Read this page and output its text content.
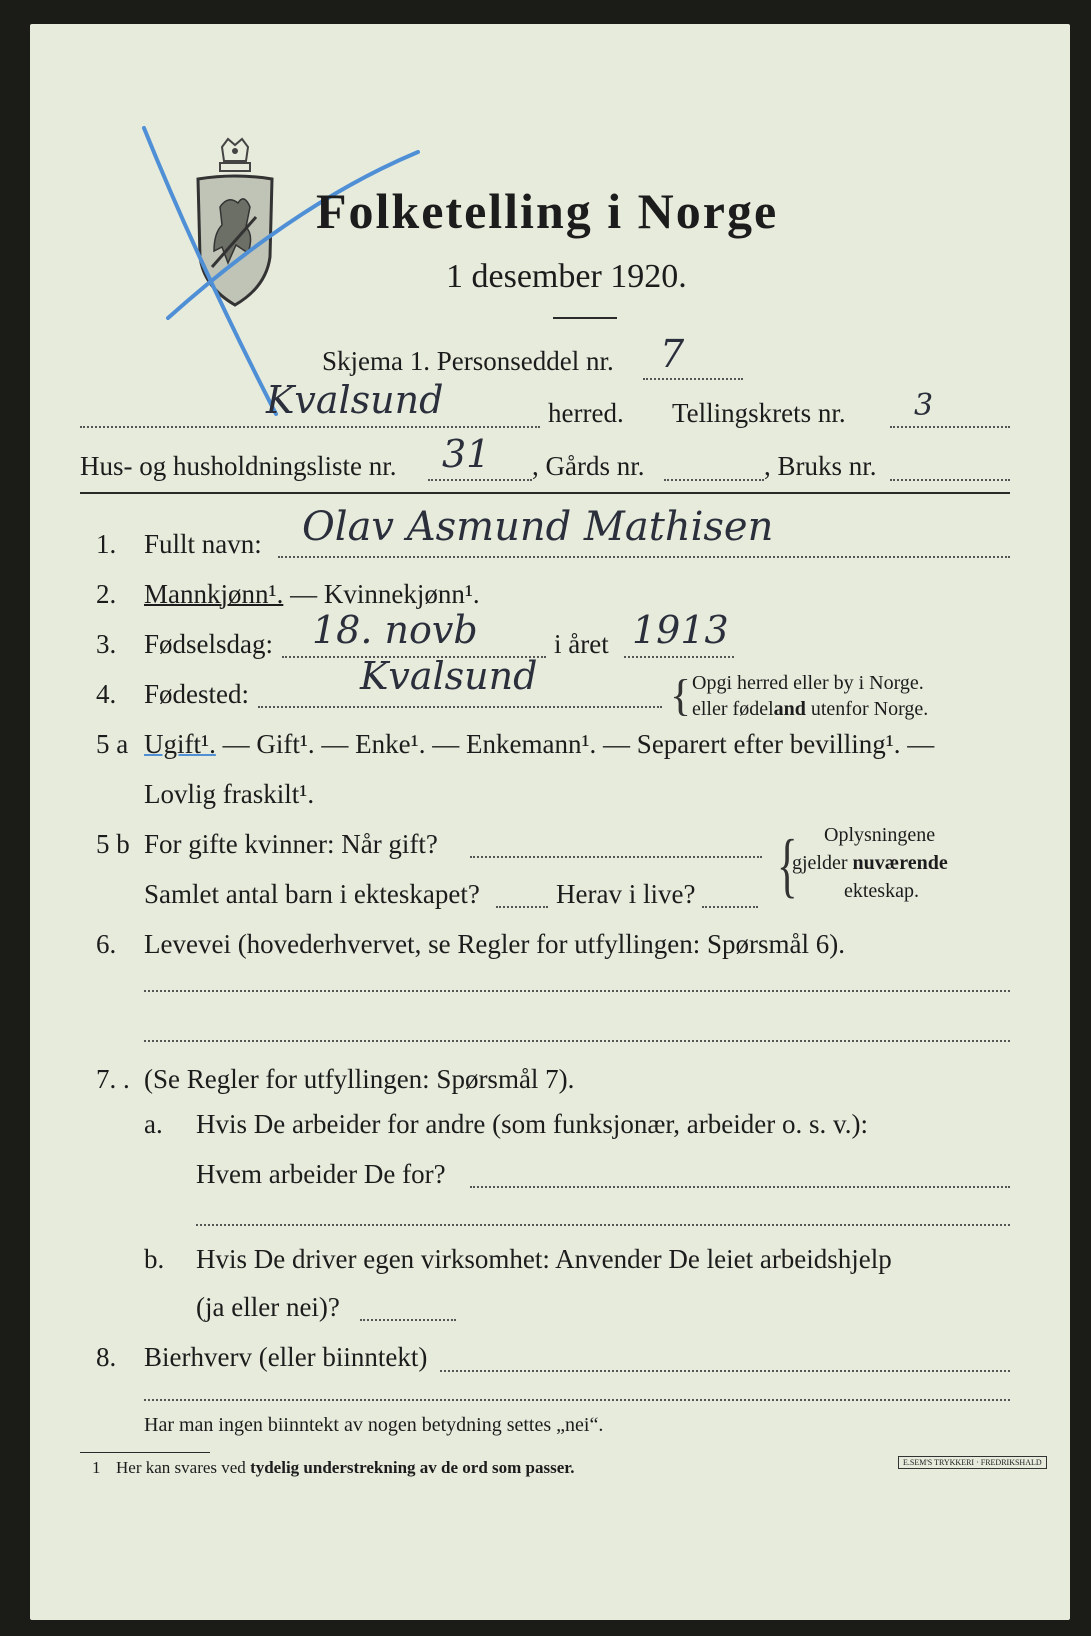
Folketelling i Norge
1 desember 1920.
Skjema 1. Personseddel nr. 7
Kvalsund	herred. Tellingskrets nr. 3
Hus- og husholdningsliste nr. 31 , Gårds nr.	, Bruks nr.
1. Fullt navn: Olav Asmund Mathisen
2. Mannkjønn¹. — Kvinnekjønn¹.
3. Fødselsdag: 18. novb	i året 1913
4. Fødested:	Kvalsund	{ Opgi herred eller by i Norge.
eller fødeland utenfor Norge.
5 a Ugift¹. — Gift¹. — Enke¹. — Enkemann¹. — Separert efter bevilling¹. —
Lovlig fraskilt¹.
5 b For gifte kvinner: Når gift?
Samlet antal barn i ekteskapet?	Herav i live? { Oplysningene
gjelder nuværende
ekteskap.
6. Levevei (hovederhvervet, se Regler for utfyllingen: Spørsmål 6).
7. . (Se Regler for utfyllingen: Spørsmål 7).
a. Hvis De arbeider for andre (som funksjonær, arbeider o. s. v.):
Hvem arbeider De for?
b. Hvis De driver egen virksomhet: Anvender De leiet arbeidshjelp
(ja eller nei)?
8. Bierhverv (eller biinntekt)
Har man ingen biinntekt av nogen betydning settes „nei“.
1 Her kan svares ved tydelig understrekning av de ord som passer.	E.SEM'S TRYKKERI · FREDRIKSHALD
